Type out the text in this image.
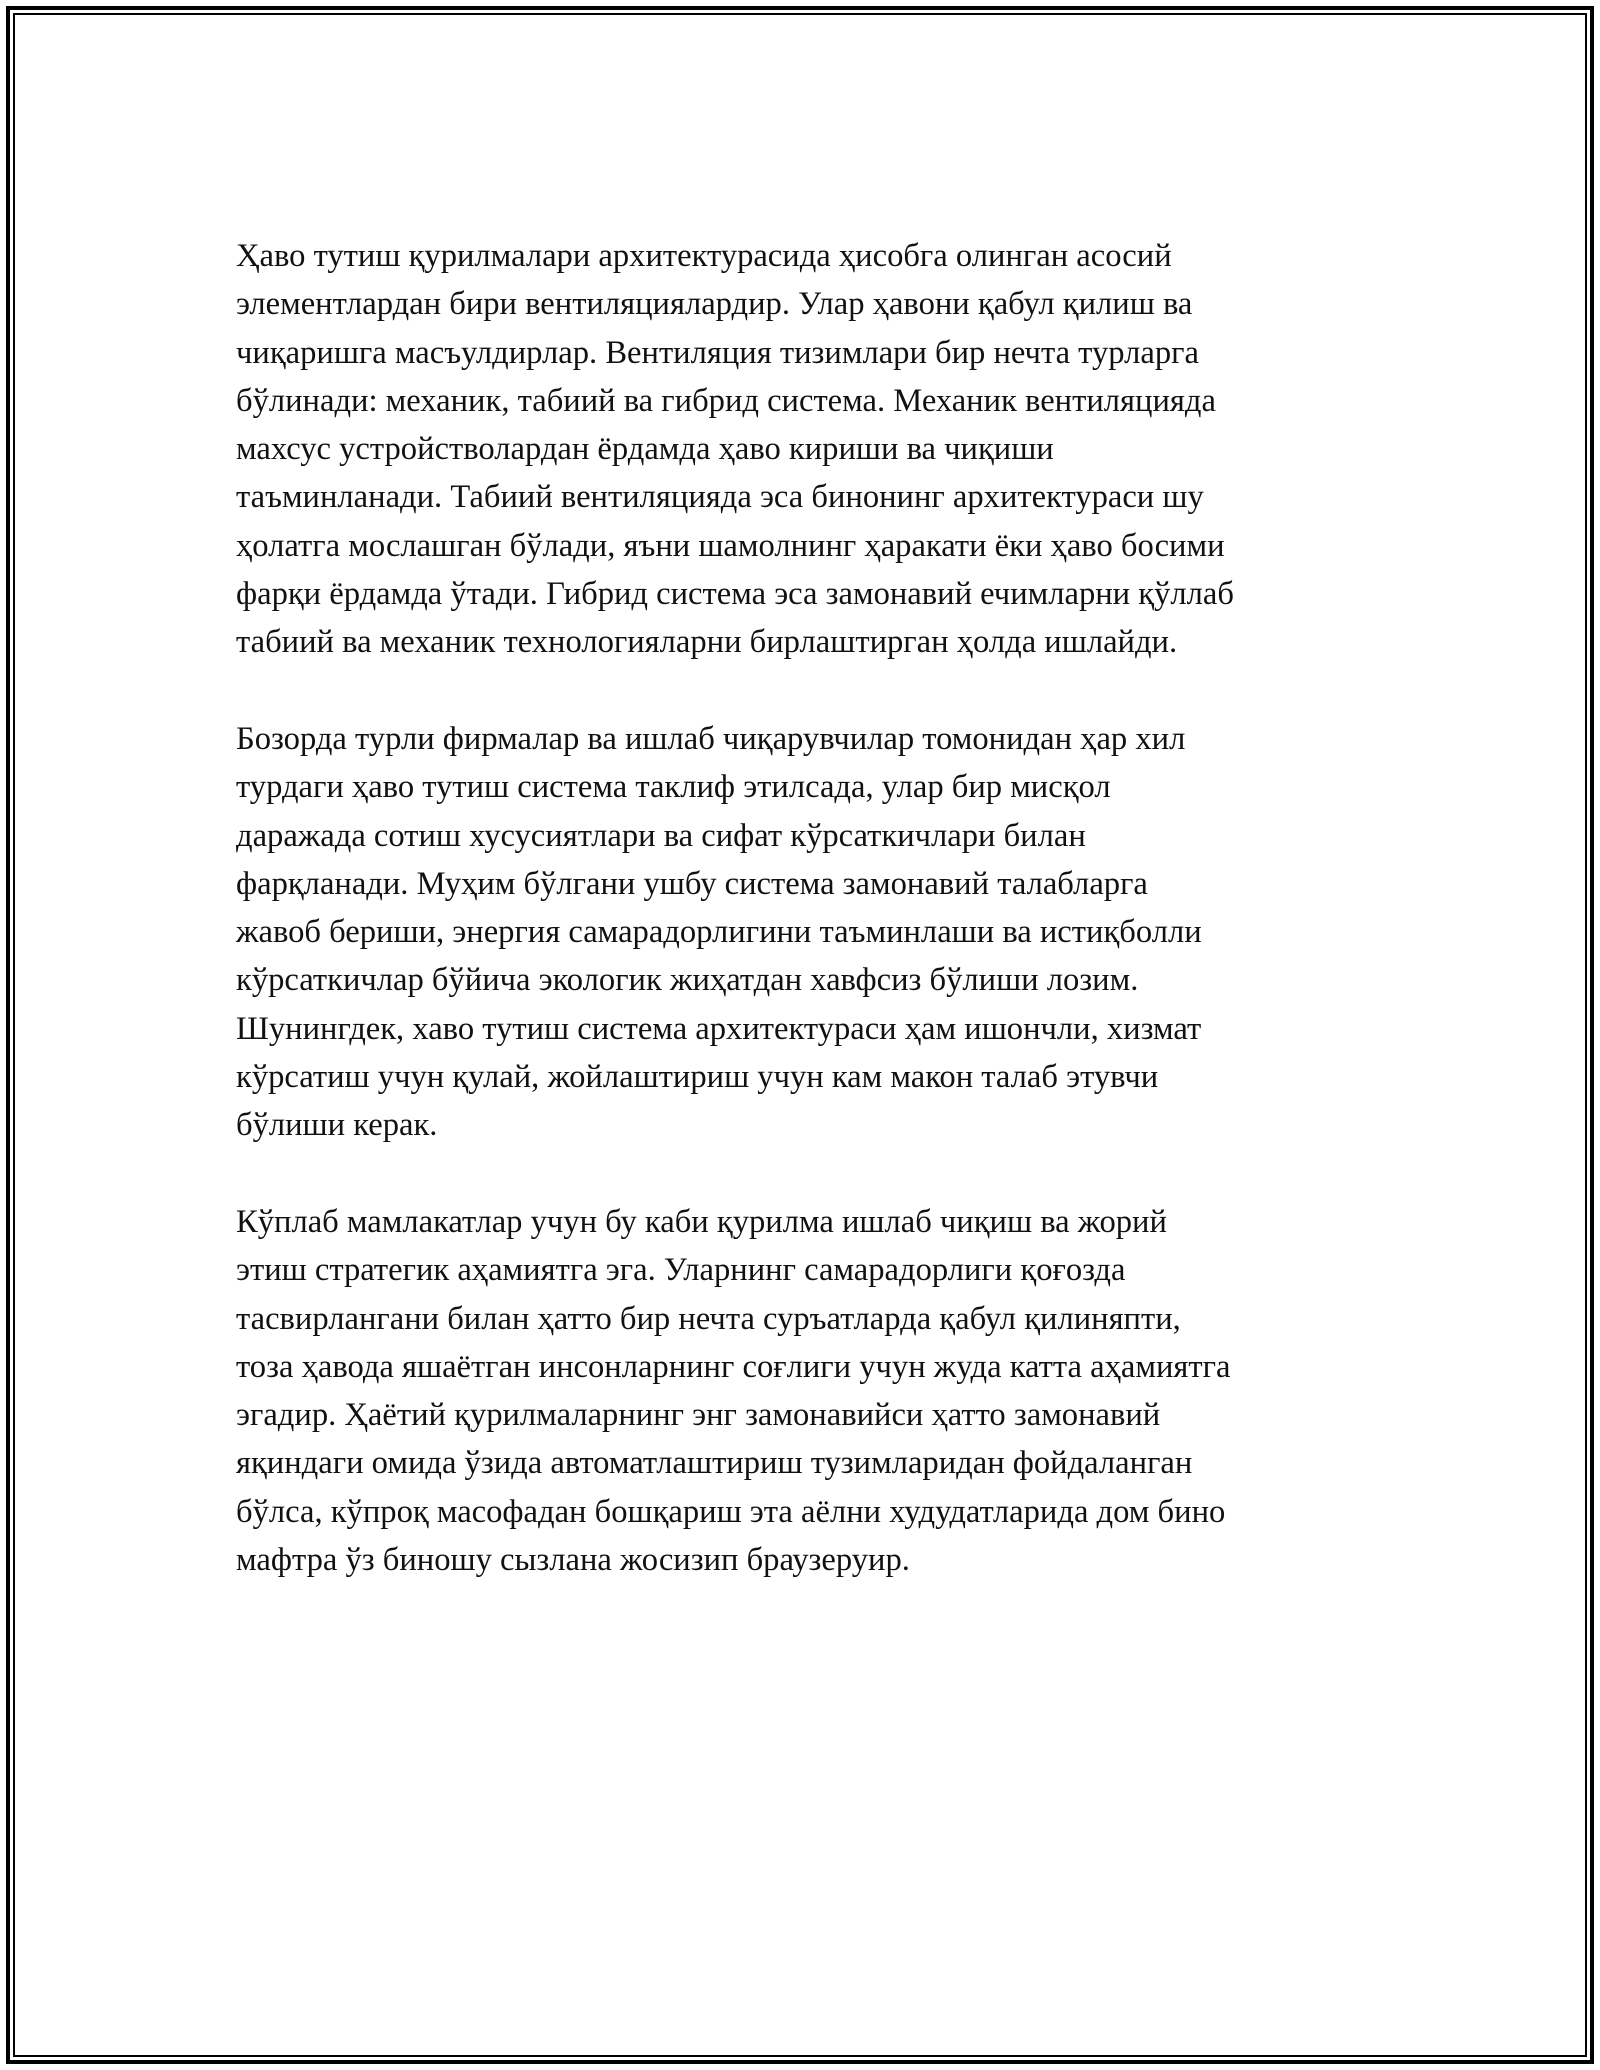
Ҳаво тутиш қурилмалари архитектурасида ҳисобга олинган асосий
элементлардан бири вентиляциялардир. Улар ҳавони қабул қилиш ва
чиқаришга масъулдирлар. Вентиляция тизимлари бир нечта турларга
бўлинади: механик, табиий ва гибрид система. Механик вентиляцияда
махсус устройстволардан ёрдамда ҳаво кириши ва чиқиши
таъминланади. Табиий вентиляцияда эса бинонинг архитектураси шу
ҳолатга мослашган бўлади, яъни шамолнинг ҳаракати ёки ҳаво босими
фарқи ёрдамда ўтади. Гибрид система эса замонавий ечимларни қўллаб
табиий ва механик технологияларни бирлаштирган ҳолда ишлайди.

Бозорда турли фирмалар ва ишлаб чиқарувчилар томонидан ҳар хил
турдаги ҳаво тутиш система таклиф этилсада, улар бир мисқол
даражада сотиш хусусиятлари ва сифат кўрсаткичлари билан
фарқланади. Муҳим бўлгани ушбу система замонавий талабларга
жавоб бериши, энергия самарадорлигини таъминлаши ва истиқболли
кўрсаткичлар бўйича экологик жиҳатдан хавфсиз бўлиши лозим.
Шунингдек, хаво тутиш система архитектураси ҳам ишончли, хизмат
кўрсатиш учун қулай, жойлаштириш учун кам макон талаб этувчи
бўлиши керак.

Кўплаб мамлакатлар учун бу каби қурилма ишлаб чиқиш ва жорий
этиш стратегик аҳамиятга эга. Уларнинг самарадорлиги қоғозда
тасвирлангани билан ҳатто бир нечта суръатларда қабул қилиняпти,
тоза ҳаводa яшаётган инсонларнинг соғлиги учун жуда катта аҳамиятга
эгадир. Ҳаётий қурилмаларнинг энг замонавийси ҳатто замонавий
яқиндаги омида ўзида автоматлаштириш тузимларидан фойдаланган
бўлса, кўпроқ масофадан бошқариш эта аёлни худудатларида дом бино
мафтра ўз биношу сызлана жосизип браузеруир.
